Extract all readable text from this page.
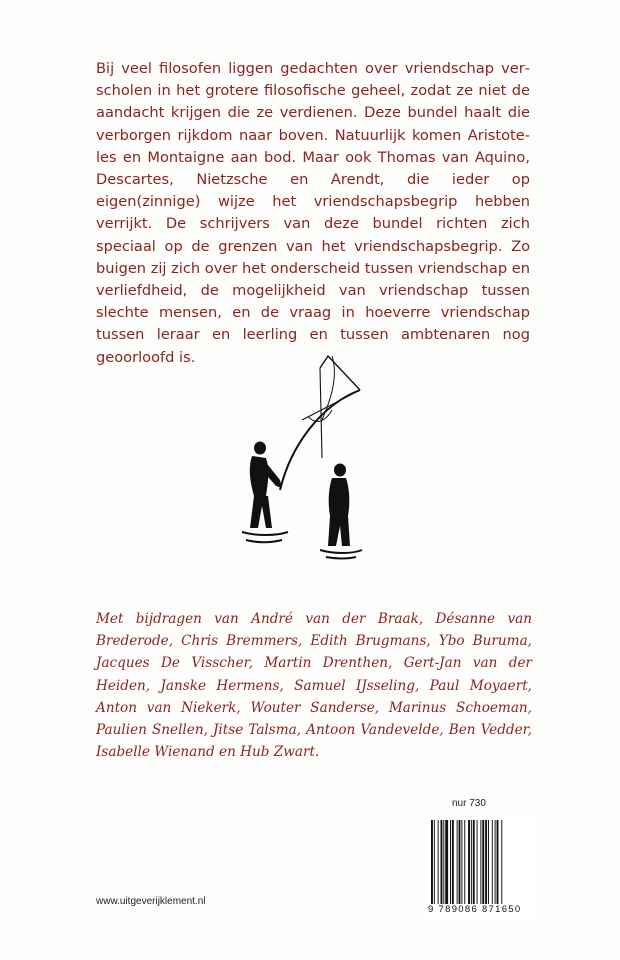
Bij veel filosofen liggen gedachten over vriendschap verscholen in het grotere filosofische geheel, zodat ze niet de aandacht krijgen die ze verdienen. Deze bundel haalt die verborgen rijkdom naar boven. Natuurlijk komen Aristoteles en Montaigne aan bod. Maar ook Thomas van Aquino, Descartes, Nietzsche en Arendt, die ieder op eigen(zinnige) wijze het vriendschapsbegrip hebben verrijkt. De schrijvers van deze bundel richten zich speciaal op de grenzen van het vriendschapsbegrip. Zo buigen zij zich over het onderscheid tussen vriendschap en verliefdheid, de mogelijkheid van vriendschap tussen slechte mensen, en de vraag in hoeverre vriendschap tussen leraar en leerling en tussen ambtenaren nog geoorloofd is.

Met bijdragen van André van der Braak, Désanne van Brederode, Chris Bremmers, Edith Brugmans, Ybo Buruma, Jacques De Visscher, Martin Drenthen, Gert-Jan van der Heiden, Janske Hermens, Samuel IJsseling, Paul Moyaert, Anton van Niekerk, Wouter Sanderse, Marinus Schoeman, Paulien Snellen, Jitse Talsma, Antoon Vandevelde, Ben Vedder, Isabelle Wienand en Hub Zwart.

nur 730
9 789086 871650
www.uitgeverijklement.nl
